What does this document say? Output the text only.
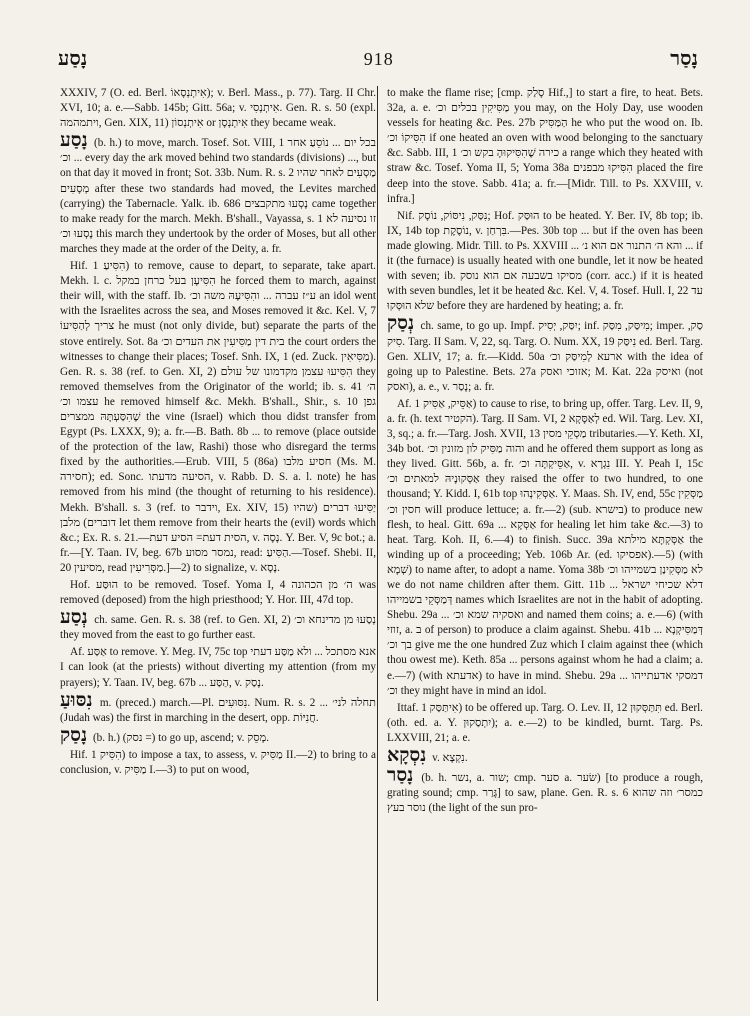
נָסַע	918	נָסַר

XXXIV, 7 (O. ed. Berl. אִיתְנְסָאוֹ); v. Berl. Mass., p. 77). Targ. II Chr. XVI, 10; a. e.—Sabb. 145b; Gitt. 56a; v. אִיתְנְסִי. Gen. R. s. 50 (expl. ויתמהמה, Gen. XIX, 11) אִיתְנְסוֹן or אִיתְנְסָן they became weak.

נָסַע (b. h.) to move, march. Tosef. Sot. VIII, 1 בכל יום ... נוֹסֵעַ אחר וכ׳ ... every day the ark moved behind two standards (divisions) ..., but on that day it moved in front; Sot. 33b. Num. R. s. 2 מַסְעִים לאחר שהיו מְסָעִים after these two standards had moved, the Levites marched (carrying) the Tabernacle. Yalk. ib. 686 נָסְעוּ מתקבצים came together to make ready for the march. Mekh. B'shall., Vayassa, s. 1 זו נסיעה לא נָסְעוּ וכ׳ this march they undertook by the order of Moses, but all other marches they made at the order of the Deity, a. fr.

Hif. הִסִּיעַ 1) to remove, cause to depart, to separate, take apart. Mekh. l. c. הִסִּיעָן בעל כרחן במקל he forced them to march, against their will, with the staff. Ib. ע״ז עברה ... והִסִּיעָהּ משה וכ׳ an idol went with the Israelites across the sea, and Moses removed it &c. Kel. V, 7 צריך לְהַסִּיעוֹ he must (not only divide, but) separate the parts of the stove entirely. Sot. 8a בית דין מַסִּיעִין את העדים וכ׳ the court orders the witnesses to change their places; Tosef. Snh. IX, 1 (ed. Zuck. מַסִּיאִין). Gen. R. s. 38 (ref. to Gen. XI, 2) הִסִּיעוּ עצמן מקדמונו של עולם they removed themselves from the Originator of the world; ib. s. 41 ה׳ עצמו וכ׳ he removed himself &c. Mekh. B'shall., Shir., s. 10 גפן שֶׁהִסַּעְתָּהּ ממצרים the vine (Israel) which thou didst transfer from Egypt (Ps. LXXX, 9); a. fr.—B. Bath. 8b ... to remove (place outside of the protection of the law, Rashi) those who disregard the terms fixed by the authorities.—Erub. VIII, 5 (86a) חסיע מלבו (Ms. M. חסירה); ed. Sonc. הסיעה מדעתו, v. Rabb. D. S. a. l. note) he has removed from his mind (the thought of returning to his residence). Mekh. B'shall. s. 3 (ref. to וידבר, Ex. XIV, 15) יַסִּיעוּ דברים (שהיו דוברים) מלבן let them remove from their hearts the (evil) words which &c.; Ex. R. s. 21.—הסית דעת= הסיע דעת, v. נָסָה. Y. Ber. V, 9c bot.; a. fr.—[Y. Taan. IV, beg. 67b נמסר מסוע, read: הַסִּיעַ.—Tosef. Shebi. II, 20 מסיעין, read מַסְּרִיעִין.]—2) to signalize, v. נָסָא.

Hof. הוּסַּע to be removed. Tosef. Yoma I, 4 ה׳ מן הכהונה was removed (deposed) from the high priesthood; Y. Hor. III, 47d top.

נְסַע ch. same. Gen. R. s. 38 (ref. to Gen. XI, 2) נְסַעוּ מן מדינחא וכ׳ they moved from the east to go further east.

Af. אַסַּע to remove. Y. Meg. IV, 75c top אנא מסתכל ... ולא מַסַּע דעתי I can look (at the priests) without diverting my attention (from my prayers); Y. Taan. IV, beg. 67b ... הַסַּע, v. נָסַק.

נִסּוּעַ m. (preced.) march.—Pl. נִסּוּעִים. Num. R. s. 2 ... תחלה לני׳ (Judah was) the first in marching in the desert, opp. חֲנִיּוֹת.
נָסַק (b. h.) (נסק =) to go up, ascend; v. מָסֵק.

Hif. הִסִּיק 1) to impose a tax, to assess, v. מַסִּיק II.—2) to bring to a conclusion, v. מַסִּיק I.—3) to put on wood,

to make the flame rise; [cmp. סָלַק Hif.,] to start a fire, to heat. Bets. 32a, a. e. מַסִּיקִין בכלים וכ׳ you may, on the Holy Day, use wooden vessels for heating &c. Pes. 27b הַמַּסִּיק he who put the wood on. Ib. הִסִּיקוֹ וכ׳ if one heated an oven with wood belonging to the sanctuary &c. Sabb. III, 1 כירה שֶׁהִסִּיקוּהָ בקש וכ׳ a range which they heated with straw &c. Tosef. Yoma II, 5; Yoma 38a הִסִּיקוּ מבפנים placed the fire deep into the stove. Sabb. 41a; a. fr.—[Midr. Till. to Ps. XXVIII, v. infra.]

Nif. נִסַּק, נִיסּוֹק, נוֹסָק; Hof. הוּסַּק to be heated. Y. Ber. IV, 8b top; ib. IX, 14b top נוֹסֶקֶת, v. בִּרְחַן.—Pes. 30b top ... but if the oven has been made glowing. Midr. Till. to Ps. XXVIII ... והא ה׳ התנור אם הוא נ׳ ... if it (the furnace) is usually heated with one bundle, let it now be heated with seven; ib. מסיקו בשבעה אם הוא נוסק (corr. acc.) if it is heated with seven bundles, let it be heated &c. Kel. V, 4. Tosef. Hull. I, 22 עד שלא הוּסְּקוּ before they are hardened by heating; a. fr.

נְסַק ch. same, to go up. Impf. יִסַּק, יְסִיק; inf. מִיסַּק, מִסַּק; imper. סַק, סִיק. Targ. II Sam. V, 22, sq. Targ. O. Num. XX, 19 נִיסַּק ed. Berl. Targ. Gen. XLIV, 17; a. fr.—Kidd. 50a ארעא לְמִיסַּק וכ׳ with the idea of going up to Palestine. Bets. 27a אזוכי ואסק; M. Kat. 22a ואיסק (not ואסק), a. e., v. נָסַר; a. fr.

Af. אַסֵּיק, אַסִּיק 1) to cause to rise, to bring up, offer. Targ. Lev. II, 9, a. fr. (h. text הקטיר). Targ. II Sam. VI, 2 לְאַסָּקָא ed. Wil. Targ. Lev. XI, 3, sq.; a. fr.—Targ. Josh. XVII, 13 מַסְקֵי מסין tributaries.—Y. Keth. XI, 34b bot. והוה מַסִּיק לון מזונין וכ׳ and he offered them support as long as they lived. Gitt. 56b, a. fr. אַסֵּיקְתָּה וכ׳, v. נִגְרָא III. Y. Peah I, 15c אַסְּקוּנָיהּ למאתים וכ׳ they raised the offer to two hundred, to one thousand; Y. Kidd. I, 61b top אַסְּקִינְהוּ. Y. Maas. Sh. IV, end, 55c מַסְּקִין חסין וכ׳ will produce lettuce; a. fr.—2) (sub. בישרא) to produce new flesh, to heal. Gitt. 69a ... אַסְּקָא for healing let him take &c.—3) to heat. Targ. Koh. II, 6.—4) to finish. Succ. 39a אַסְּקְתָּא מילתא the winding up of a proceeding; Yeb. 106b Ar. (ed. אפסיקו).—5) (with שְׁמָא) to name after, to adopt a name. Yoma 38b לא מַסְּקִינַן בשמייהו וכ׳ we do not name children after them. Gitt. 11b ... דלא שכיחי ישראל דְּמַסְּקֵי בשמייהו names which Israelites are not in the habit of adopting. Shebu. 29a ... ואסקיה שמא וכ׳ and named them coins; a. e.—6) (with זוזי, a. ב of person) to produce a claim against. Shebu. 41b ... דְּמַסִּיקְנָא בך וכ׳ give me the one hundred Zuz which I claim against thee (which thou owest me). Keth. 85a ... persons against whom he had a claim; a. e.—7) (with אדעתא) to have in mind. Shebu. 29a ... דמסקי אדעתייהו וכ׳ they might have in mind an idol.

Ittaf. אִיתַּסַּק 1) to be offered up. Targ. O. Lev. II, 12 תִּתַּסְּקוּן ed. Berl. (oth. ed. a. Y. יִתְסַקוּן); a. e.—2) to be kindled, burnt. Targ. Ps. LXXVIII, 21; a. e.

נִסְקָא v. נִקְצָא.
נָסַר (b. h. נשר, a. שור; cmp. סער a. שׂער) [to produce a rough, grating sound; cmp. גָּרַר] to saw, plane. Gen. R. s. 6 כמסר׳ וזה שהוא נוסר בעץ (the light of the sun pro-
